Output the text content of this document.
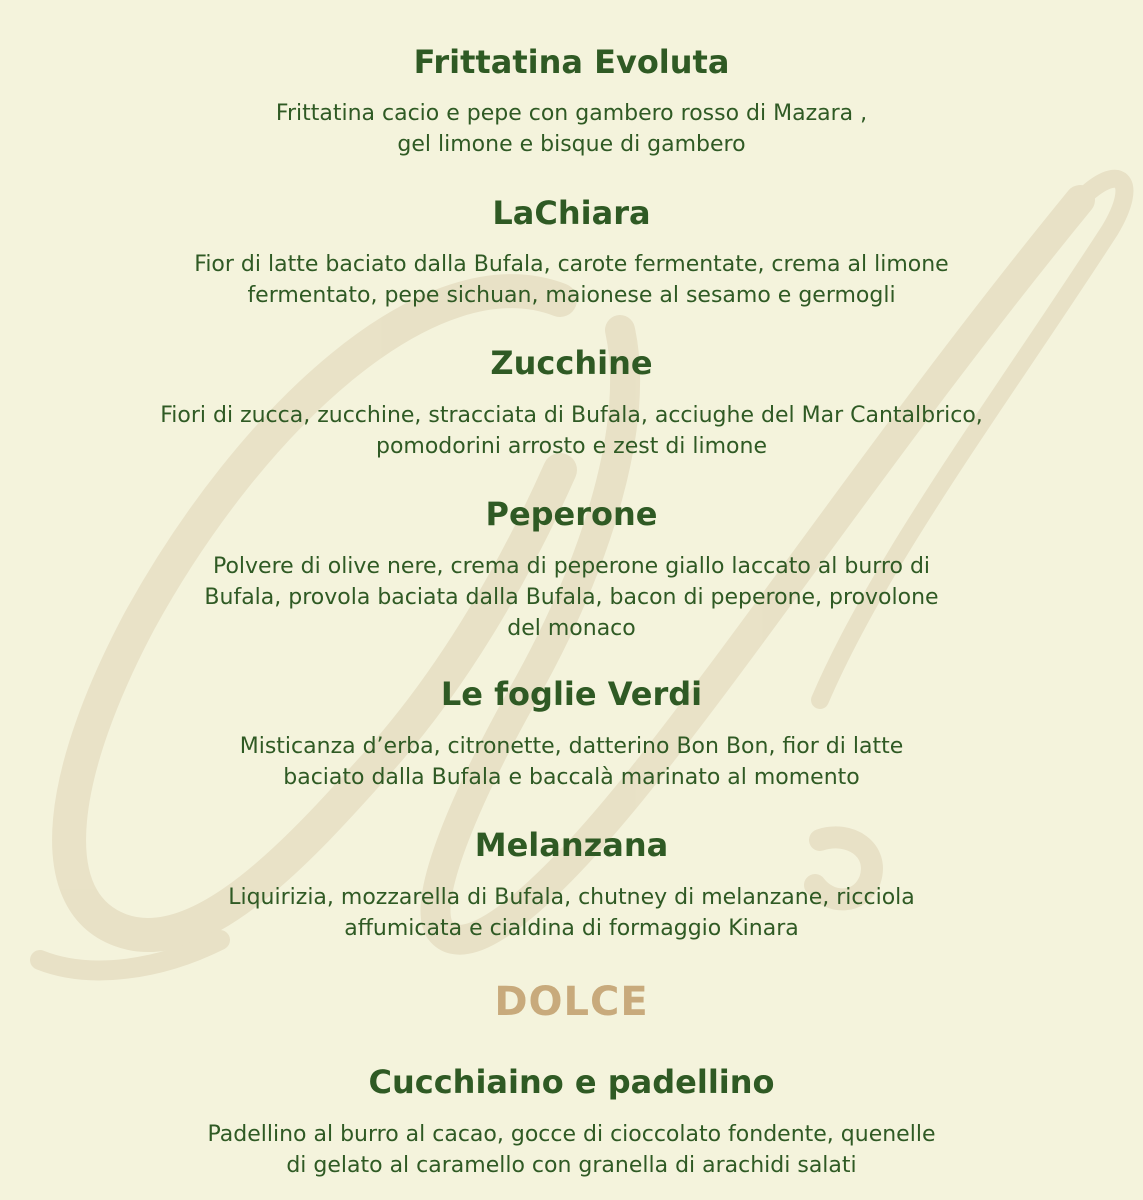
Frittatina Evoluta

Frittatina cacio e pepe con gambero rosso di Mazara ,
gel limone e bisque di gambero

LaChiara

Fior di latte baciato dalla Bufala, carote fermentate, crema al limone
fermentato, pepe sichuan, maionese al sesamo e germogli

Zucchine

Fiori di zucca, zucchine, stracciata di Bufala, acciughe del Mar Cantalbrico,
pomodorini arrosto e zest di limone

Peperone

Polvere di olive nere, crema di peperone giallo laccato al burro di
Bufala, provola baciata dalla Bufala, bacon di peperone, provolone
del monaco

Le foglie Verdi

Misticanza d’erba, citronette, datterino Bon Bon, fior di latte
baciato dalla Bufala e baccalà marinato al momento

Melanzana

Liquirizia, mozzarella di Bufala, chutney di melanzane, ricciola
affumicata e cialdina di formaggio Kinara

DOLCE
Cucchiaino e padellino

Padellino al burro al cacao, gocce di cioccolato fondente, quenelle
di gelato al caramello con granella di arachidi salati
